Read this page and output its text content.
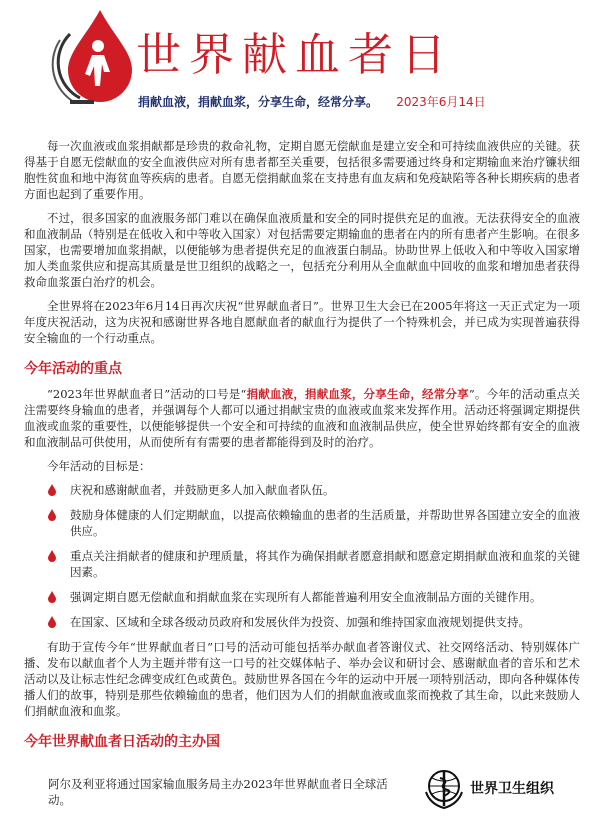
世界献血者日
捐献血液，捐献血浆，分享生命，经常分享。 2023年6月14日

每一次血液或血浆捐献都是珍贵的救命礼物，定期自愿无偿献血是建立安全和可持续血液供应的关键。获得基于自愿无偿献血的安全血液供应对所有患者都至关重要，包括很多需要通过终身和定期输血来治疗镰状细胞性贫血和地中海贫血等疾病的患者。自愿无偿捐献血浆在支持患有血友病和免疫缺陷等各种长期疾病的患者方面也起到了重要作用。

不过，很多国家的血液服务部门难以在确保血液质量和安全的同时提供充足的血液。无法获得安全的血液和血液制品（特别是在低收入和中等收入国家）对包括需要定期输血的患者在内的所有患者产生影响。在很多国家，也需要增加血浆捐献，以便能够为患者提供充足的血液蛋白制品。协助世界上低收入和中等收入国家增加人类血浆供应和提高其质量是世卫组织的战略之一，包括充分利用从全血献血中回收的血浆和增加患者获得救命血浆蛋白治疗的机会。

全世界将在2023年6月14日再次庆祝“世界献血者日”。世界卫生大会已在2005年将这一天正式定为一项年度庆祝活动，这为庆祝和感谢世界各地自愿献血者的献血行为提供了一个特殊机会，并已成为实现普遍获得安全输血的一个行动重点。

今年活动的重点

“2023年世界献血者日”活动的口号是“捐献血液，捐献血浆，分享生命，经常分享”。今年的活动重点关注需要终身输血的患者，并强调每个人都可以通过捐献宝贵的血液或血浆来发挥作用。活动还将强调定期提供血液或血浆的重要性，以便能够提供一个安全和可持续的血液和血液制品供应，使全世界始终都有安全的血液和血液制品可供使用，从而使所有有需要的患者都能得到及时的治疗。

今年活动的目标是：

庆祝和感谢献血者，并鼓励更多人加入献血者队伍。
鼓励身体健康的人们定期献血，以提高依赖输血的患者的生活质量，并帮助世界各国建立安全的血液供应。
重点关注捐献者的健康和护理质量，将其作为确保捐献者愿意捐献和愿意定期捐献血液和血浆的关键因素。
强调定期自愿无偿献血和捐献血浆在实现所有人都能普遍利用安全血液制品方面的关键作用。
在国家、区域和全球各级动员政府和发展伙伴为投资、加强和维持国家血液规划提供支持。

有助于宣传今年“世界献血者日”口号的活动可能包括举办献血者答谢仪式、社交网络活动、特别媒体广播、发布以献血者个人为主题并带有这一口号的社交媒体帖子、举办会议和研讨会、感谢献血者的音乐和艺术活动以及让标志性纪念碑变成红色或黄色。鼓励世界各国在今年的运动中开展一项特别活动，即向各种媒体传播人们的故事，特别是那些依赖输血的患者，他们因为人们的捐献血液或血浆而挽救了其生命，以此来鼓励人们捐献血液和血浆。

今年世界献血者日活动的主办国

阿尔及利亚将通过国家输血服务局主办2023年世界献血者日全球活动。

世界卫生组织
